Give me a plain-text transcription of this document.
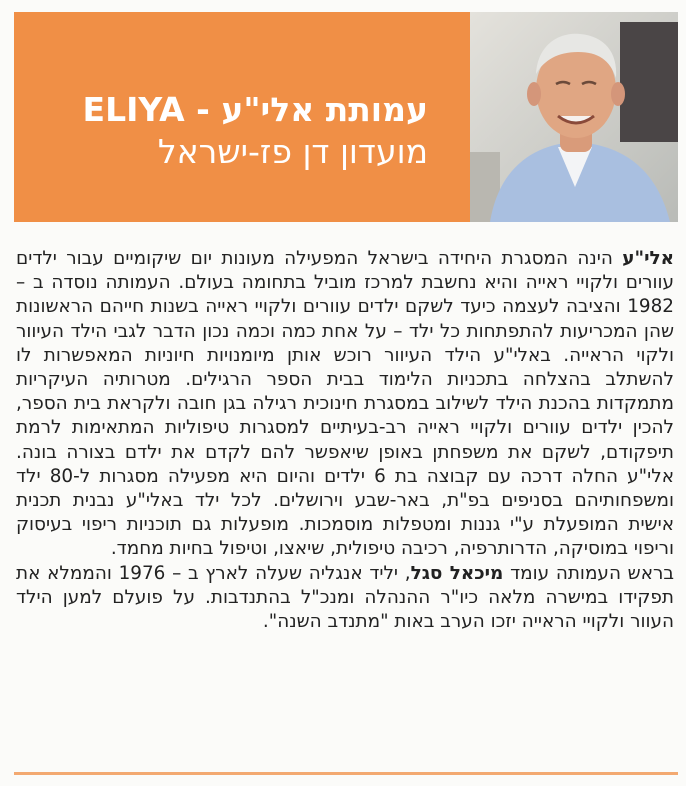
עמותת אלי"ע - ELIYA
מועדון דן פז-ישראל

אלי"ע הינה המסגרת היחידה בישראל המפעילה מעונות יום שיקומיים עבור ילדים עוורים ולקויי ראייה והיא נחשבת למרכז מוביל בתחומה בעולם. העמותה נוסדה ב – 1982 והציבה לעצמה כיעד לשקם ילדים עוורים ולקויי ראייה בשנות חייהם הראשונות שהן המכריעות להתפתחות כל ילד – על אחת כמה וכמה נכון הדבר לגבי הילד העיוור ולקוי הראייה. באלי"ע הילד העיוור רוכש אותן מיומנויות חיוניות המאפשרות לו להשתלב בהצלחה בתכניות הלימוד בבית הספר הרגילים. מטרותיה העיקריות מתמקדות בהכנת הילד לשילוב במסגרת חינוכית רגילה בגן חובה ולקראת בית הספר, להכין ילדים עוורים ולקויי ראייה רב-בעיתיים למסגרות טיפוליות המתאימות לרמת תיפקודם, לשקם את משפחתן באופן שיאפשר להם לקדם את ילדם בצורה בונה. אלי"ע החלה דרכה עם קבוצה בת 6 ילדים והיום היא מפעילה מסגרות ל-80 ילד ומשפחותיהם בסניפים בפ"ת, באר-שבע וירושלים. לכל ילד באלי"ע נבנית תכנית אישית המופעלת ע"י גננות ומטפלות מוסמכות. מופעלות גם תוכניות ריפוי בעיסוק וריפוי במוסיקה, הדרותרפיה, רכיבה טיפולית, שיאצו, וטיפול בחיות מחמד.

בראש העמותה עומד מיכאל סגל, יליד אנגליה שעלה לארץ ב – 1976 והממלא את תפקידו במישרה מלאה כיו"ר ההנהלה ומנכ"ל בהתנדבות. על פועלם למען הילד העוור ולקויי הראייה יזכו הערב באות "מתנדב השנה".
